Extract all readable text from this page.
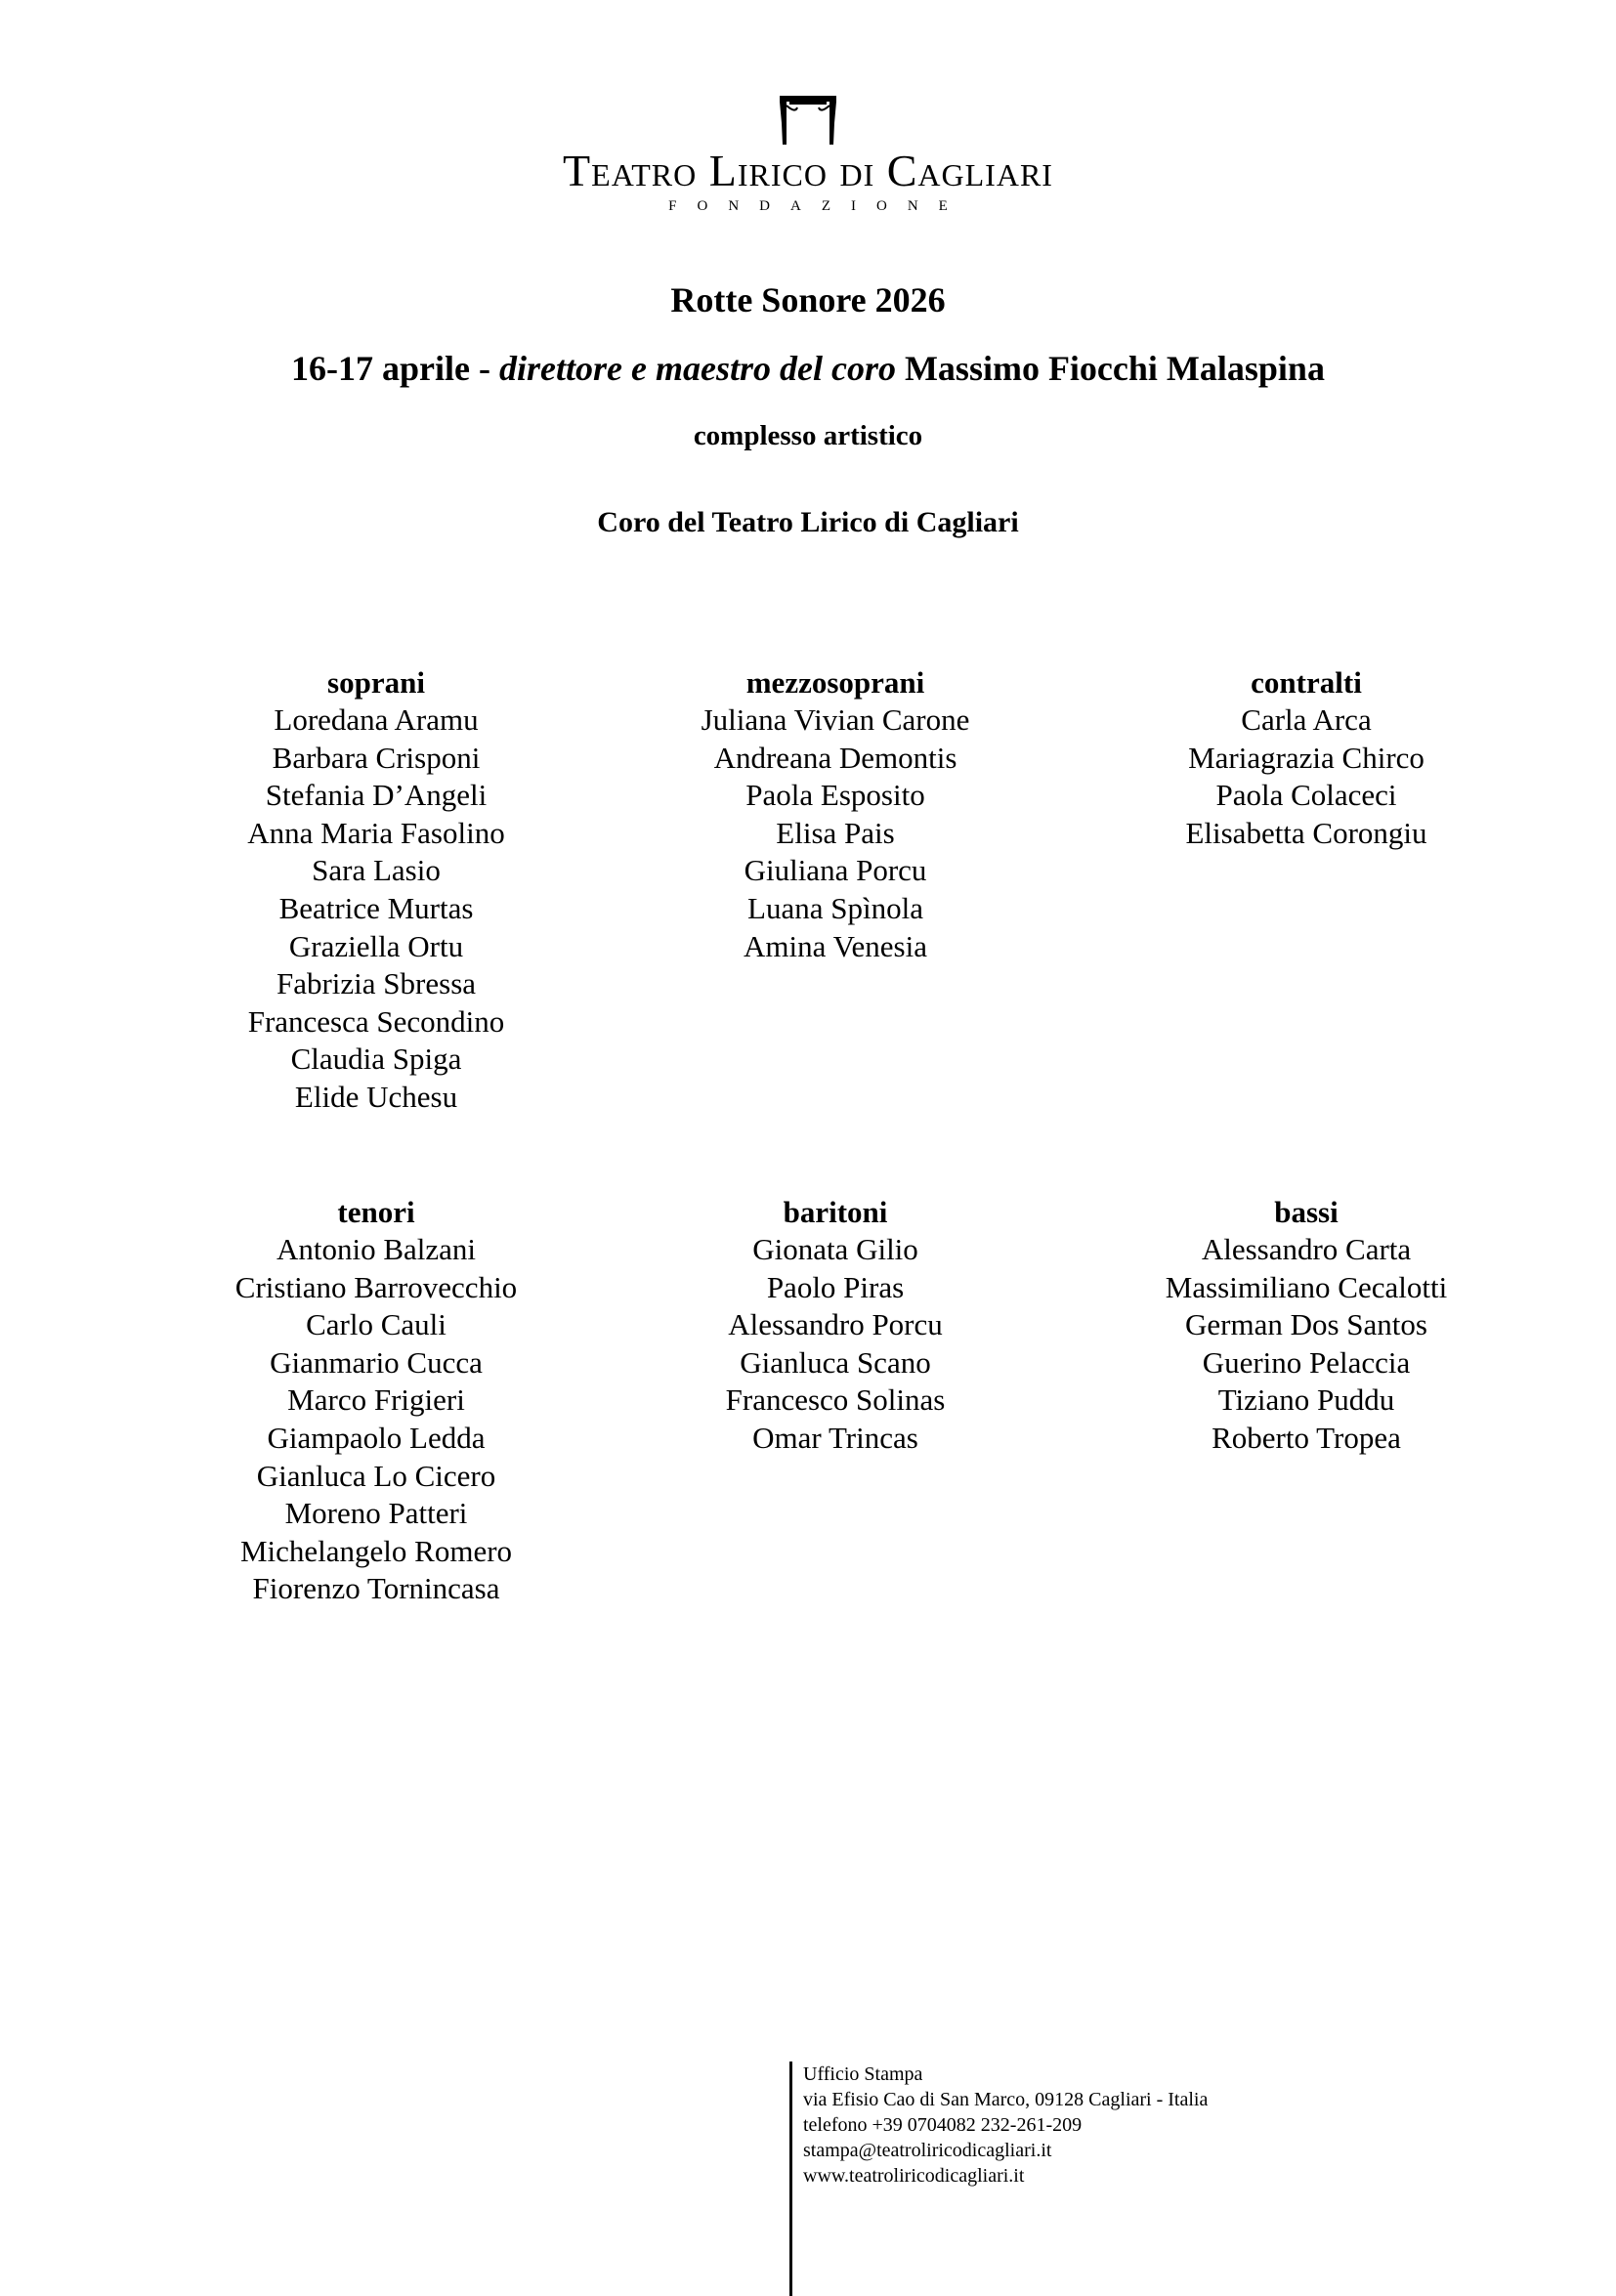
Teatro Lirico di Cagliari
FONDAZIONE
Rotte Sonore 2026
16-17 aprile - direttore e maestro del coro Massimo Fiocchi Malaspina
complesso artistico
Coro del Teatro Lirico di Cagliari
soprani
Loredana Aramu
Barbara Crisponi
Stefania D’Angeli
Anna Maria Fasolino
Sara Lasio
Beatrice Murtas
Graziella Ortu
Fabrizia Sbressa
Francesca Secondino
Claudia Spiga
Elide Uchesu
mezzosoprani
Juliana Vivian Carone
Andreana Demontis
Paola Esposito
Elisa Pais
Giuliana Porcu
Luana Spìnola
Amina Venesia
contralti
Carla Arca
Mariagrazia Chirco
Paola Colaceci
Elisabetta Corongiu
tenori
Antonio Balzani
Cristiano Barrovecchio
Carlo Cauli
Gianmario Cucca
Marco Frigieri
Giampaolo Ledda
Gianluca Lo Cicero
Moreno Patteri
Michelangelo Romero
Fiorenzo Tornincasa
baritoni
Gionata Gilio
Paolo Piras
Alessandro Porcu
Gianluca Scano
Francesco Solinas
Omar Trincas
bassi
Alessandro Carta
Massimiliano Cecalotti
German Dos Santos
Guerino Pelaccia
Tiziano Puddu
Roberto Tropea
Ufficio Stampa
via Efisio Cao di San Marco, 09128 Cagliari - Italia
telefono +39 0704082 232-261-209
stampa@teatroliricodicagliari.it
www.teatroliricodicagliari.it
